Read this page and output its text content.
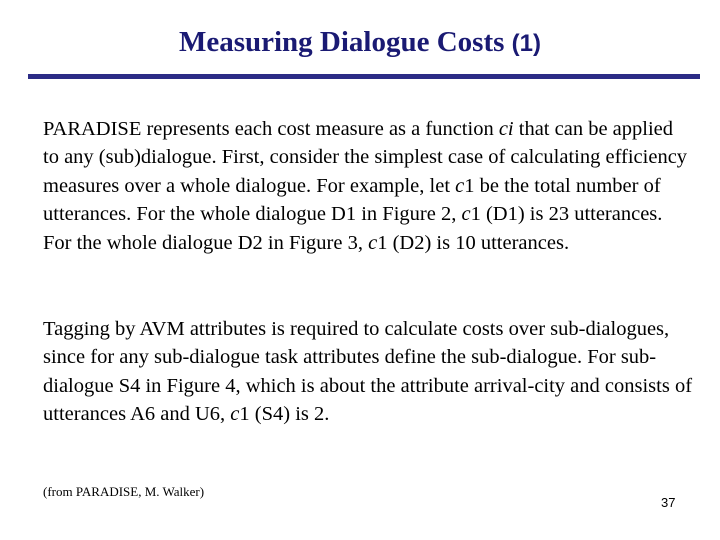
Measuring Dialogue Costs (1)

PARADISE represents each cost measure as a function ci that can be applied to any (sub)dialogue. First, consider the simplest case of calculating efficiency measures over a whole dialogue. For example, let c1 be the total number of utterances. For the whole dialogue D1 in Figure 2, c1 (D1) is 23 utterances. For the whole dialogue D2 in Figure 3, c1 (D2) is 10 utterances.

Tagging by AVM attributes is required to calculate costs over sub-dialogues, since for any sub-dialogue task attributes define the sub-dialogue. For sub-dialogue S4 in Figure 4, which is about the attribute arrival-city and consists of utterances A6 and U6, c1 (S4) is 2.

(from PARADISE, M. Walker)
37
